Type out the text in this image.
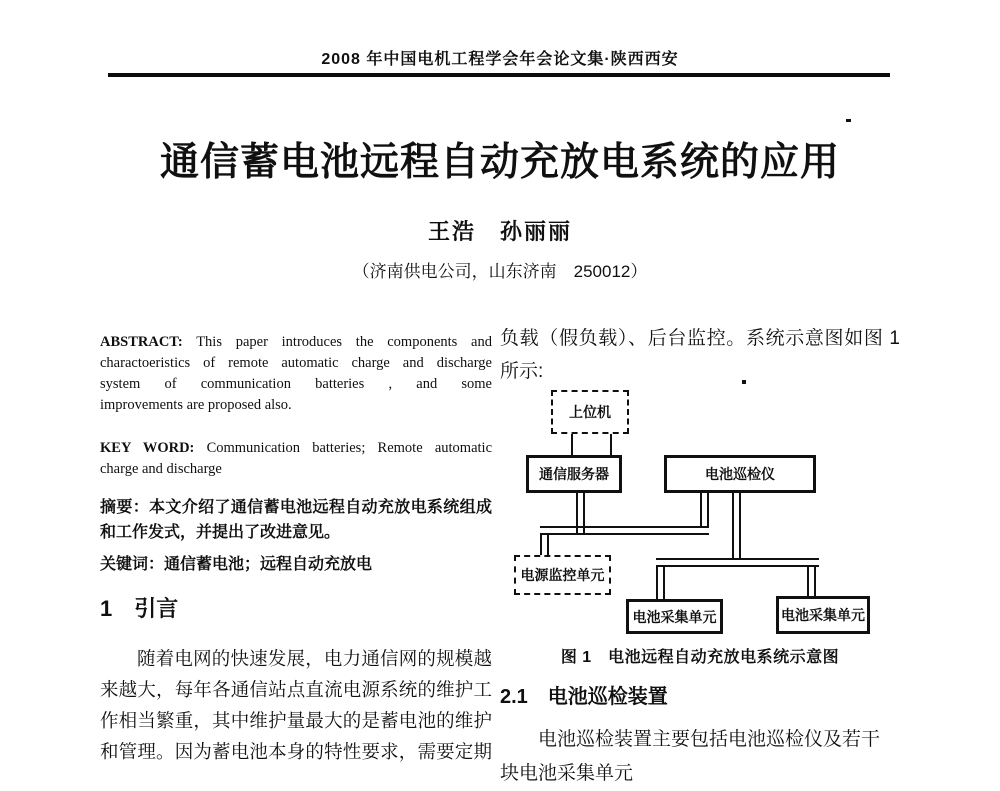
2008 年中国电机工程学会年会论文集·陕西西安
通信蓄电池远程自动充放电系统的应用
王浩　孙丽丽
（济南供电公司，山东济南　250012）
ABSTRACT: This paper introduces the components and
charactoeristics of remote automatic charge and discharge
system of communication batteries , and some
improvements are proposed also.
KEY WORD: Communication batteries; Remote automatic
charge and discharge
摘要：本文介绍了通信蓄电池远程自动充放电系统组成和工作发式，并提出了改进意见。
关键词：通信蓄电池；远程自动充放电
1　引言
随着电网的快速发展，电力通信网的规模越
来越大，每年各通信站点直流电源系统的维护工
作相当繁重，其中维护量最大的是蓄电池的维护
和管理。因为蓄电池本身的特性要求，需要定期
负载（假负载）、后台监控。系统示意图如图 1
所示:
上位机
通信服务器	电池巡检仪
电源监控单元
电池采集单元	电池采集单元
图 1　电池远程自动充放电系统示意图
2.1　电池巡检装置
电池巡检装置主要包括电池巡检仪及若干
块电池采集单元
